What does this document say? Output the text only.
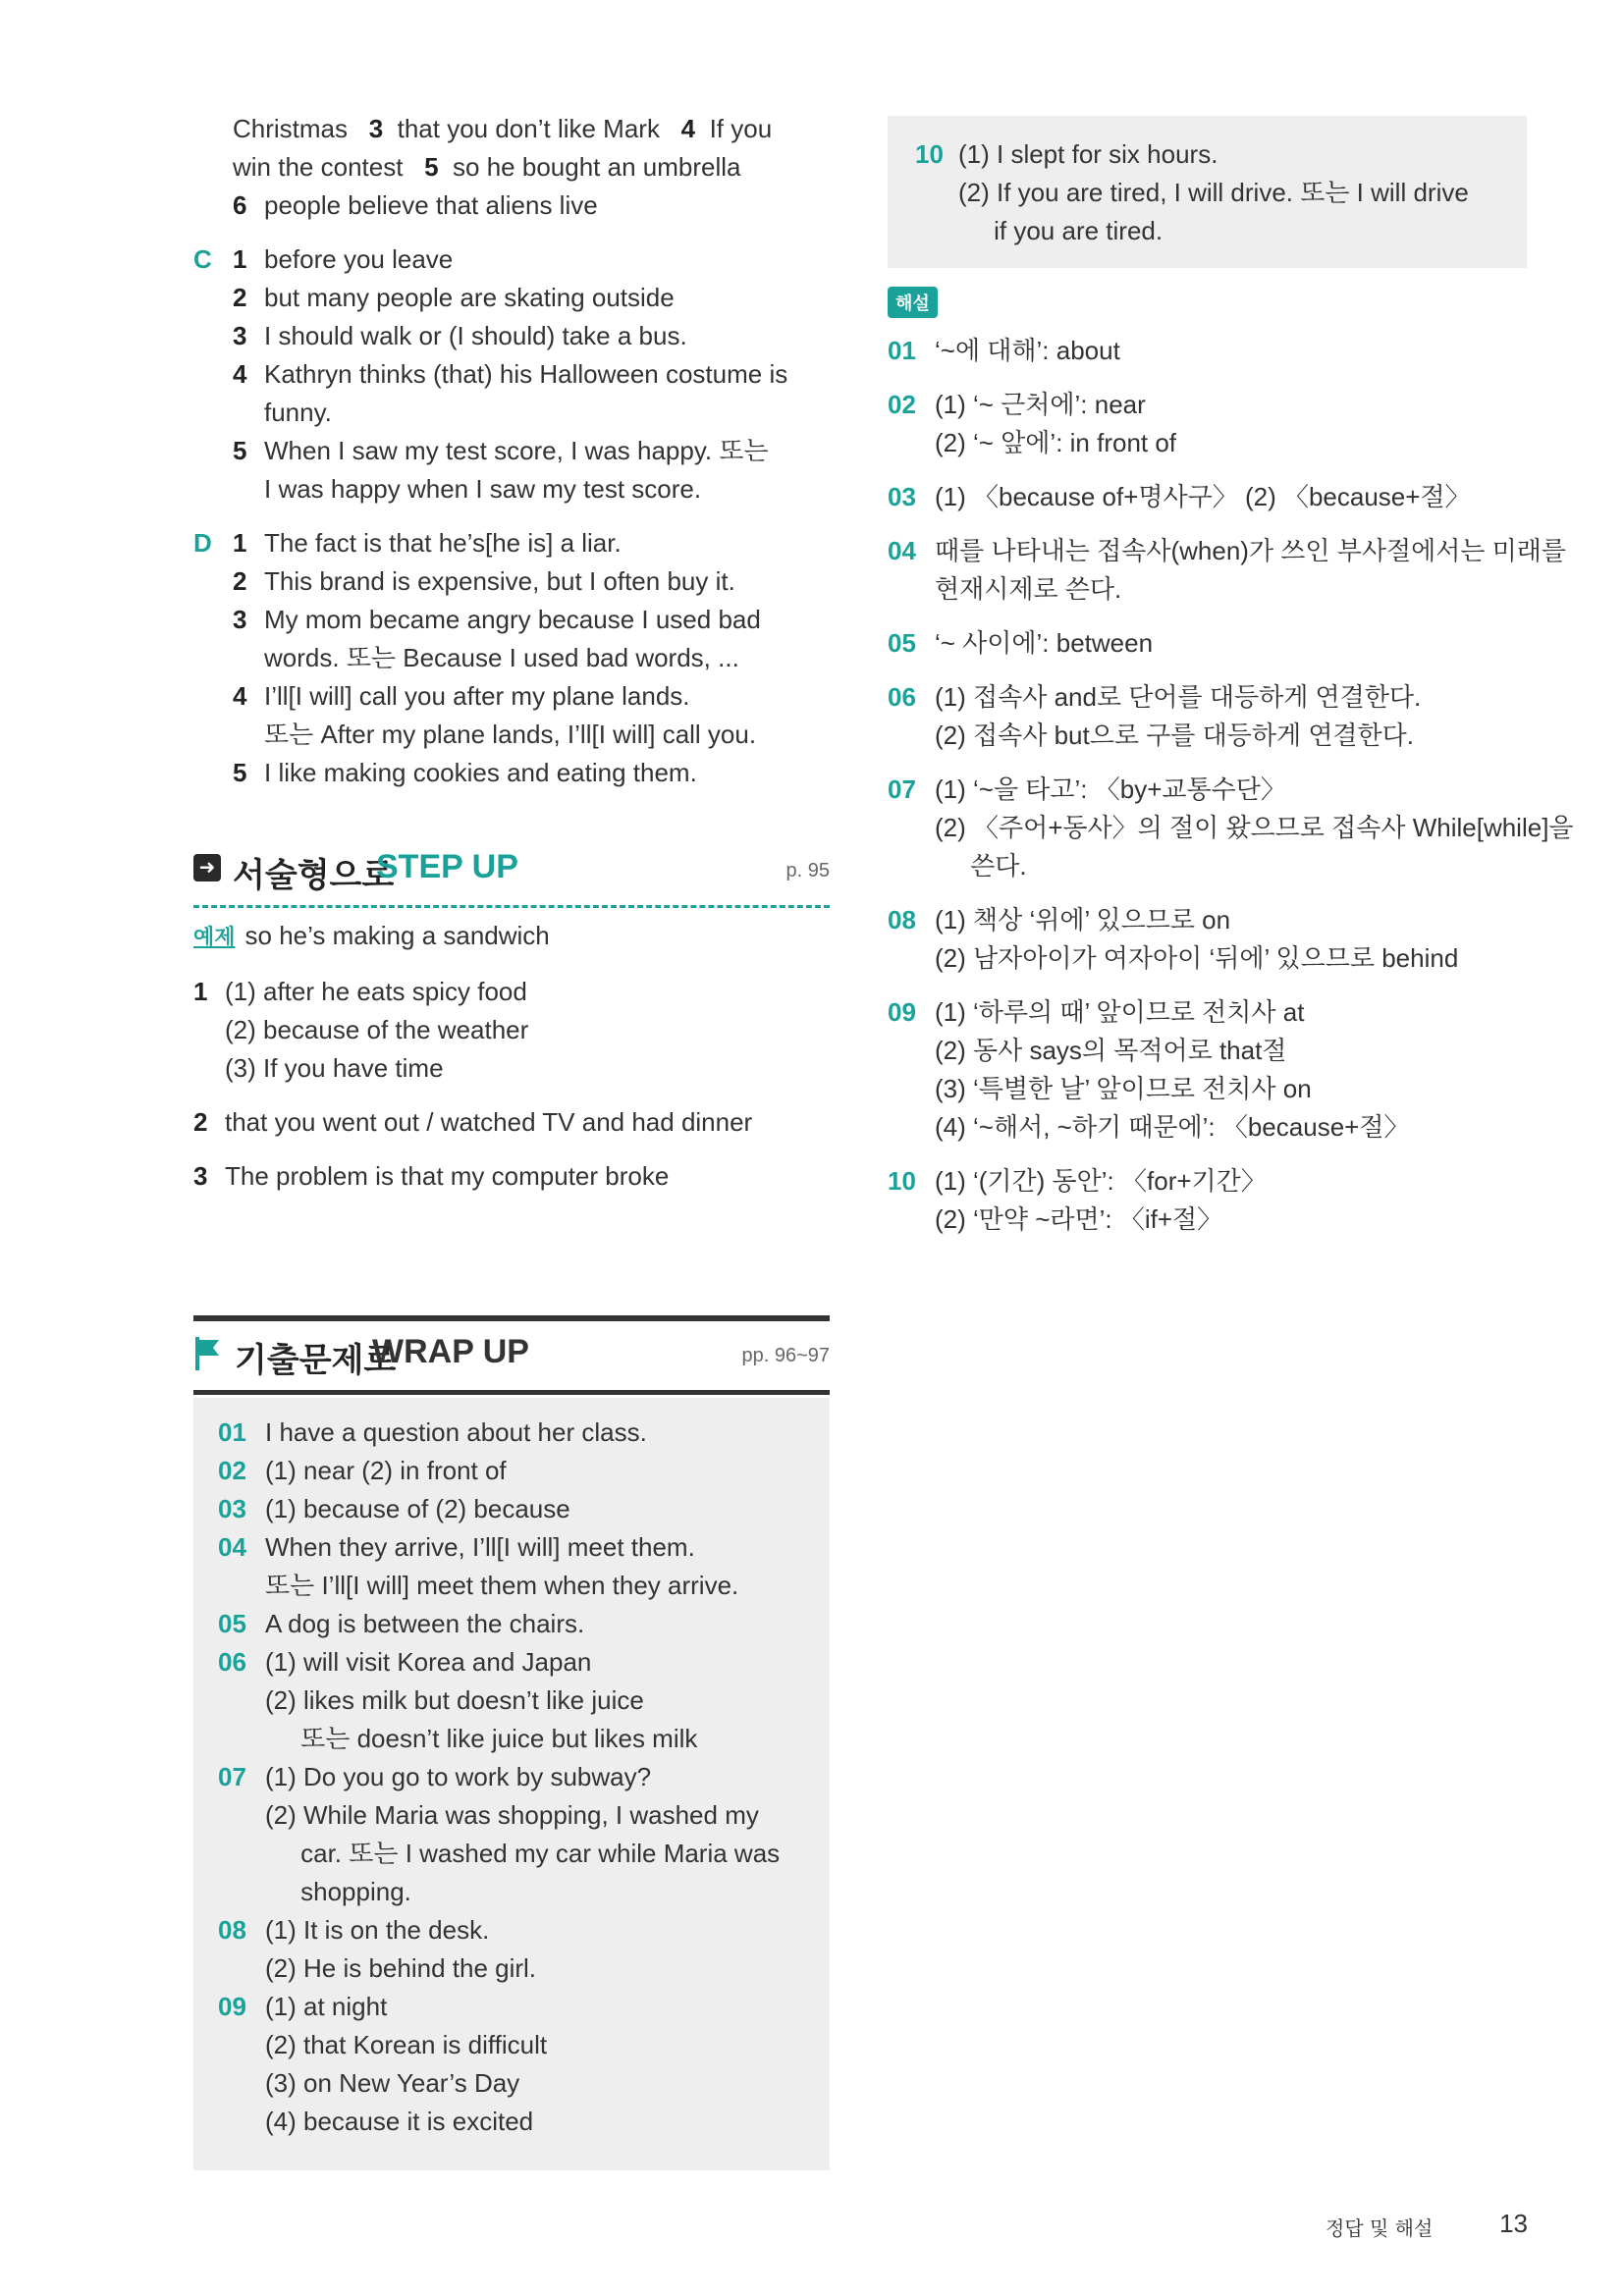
Christmas 3 that you don’t like Mark 4 If you
win the contest 5 so he bought an umbrella
6 people believe that aliens live
C 1 before you leave
2 but many people are skating outside
3 I should walk or (I should) take a bus.
4 Kathryn thinks (that) his Halloween costume is
funny.
5 When I saw my test score, I was happy. 또는
I was happy when I saw my test score.
D 1 The fact is that he’s[he is] a liar.
2 This brand is expensive, but I often buy it.
3 My mom became angry because I used bad
words. 또는 Because I used bad words, ...
4 I’ll[I will] call you after my plane lands.
또는 After my plane lands, I’ll[I will] call you.
5 I like making cookies and eating them.
➜ 서술형으로
STEP UP	p. 95
예제 so he’s making a sandwich
1 (1) after he eats spicy food
(2) because of the weather
(3) If you have time
2 that you went out / watched TV and had dinner
3 The problem is that my computer broke
기출문제로
WRAP UP	pp. 96~97
01 I have a question about her class.
02 (1) near (2) in front of
03 (1) because of (2) because
04 When they arrive, I’ll[I will] meet them.
또는 I’ll[I will] meet them when they arrive.
05 A dog is between the chairs.
06 (1) will visit Korea and Japan
(2) likes milk but doesn’t like juice
또는 doesn’t like juice but likes milk
07 (1) Do you go to work by subway?
(2) While Maria was shopping, I washed my
car. 또는 I washed my car while Maria was
shopping.
08 (1) It is on the desk.
(2) He is behind the girl.
09 (1) at night
(2) that Korean is difficult
(3) on New Year’s Day
(4) because it is excited
10 (1) I slept for six hours.
(2) If you are tired, I will drive. 또는 I will drive
if you are tired.
해설
01 ‘~에 대해’: about
02 (1) ‘~ 근처에’: near
(2) ‘~ 앞에’: in front of
03 (1) 〈because of+명사구〉 (2) 〈because+절〉
04 때를 나타내는 접속사(when)가 쓰인 부사절에서는 미래를
현재시제로 쓴다.
05 ‘~ 사이에’: between
06 (1) 접속사 and로 단어를 대등하게 연결한다.
(2) 접속사 but으로 구를 대등하게 연결한다.
07 (1) ‘~을 타고’: 〈by+교통수단〉
(2) 〈주어+동사〉의 절이 왔으므로 접속사 While[while]을
쓴다.
08 (1) 책상 ‘위에’ 있으므로 on
(2) 남자아이가 여자아이 ‘뒤에’ 있으므로 behind
09 (1) ‘하루의 때’ 앞이므로 전치사 at
(2) 동사 says의 목적어로 that절
(3) ‘특별한 날’ 앞이므로 전치사 on
(4) ‘~해서, ~하기 때문에’: 〈because+절〉
10 (1) ‘(기간) 동안’: 〈for+기간〉
(2) ‘만약 ~라면’: 〈if+절〉
정답 및 해설	13
